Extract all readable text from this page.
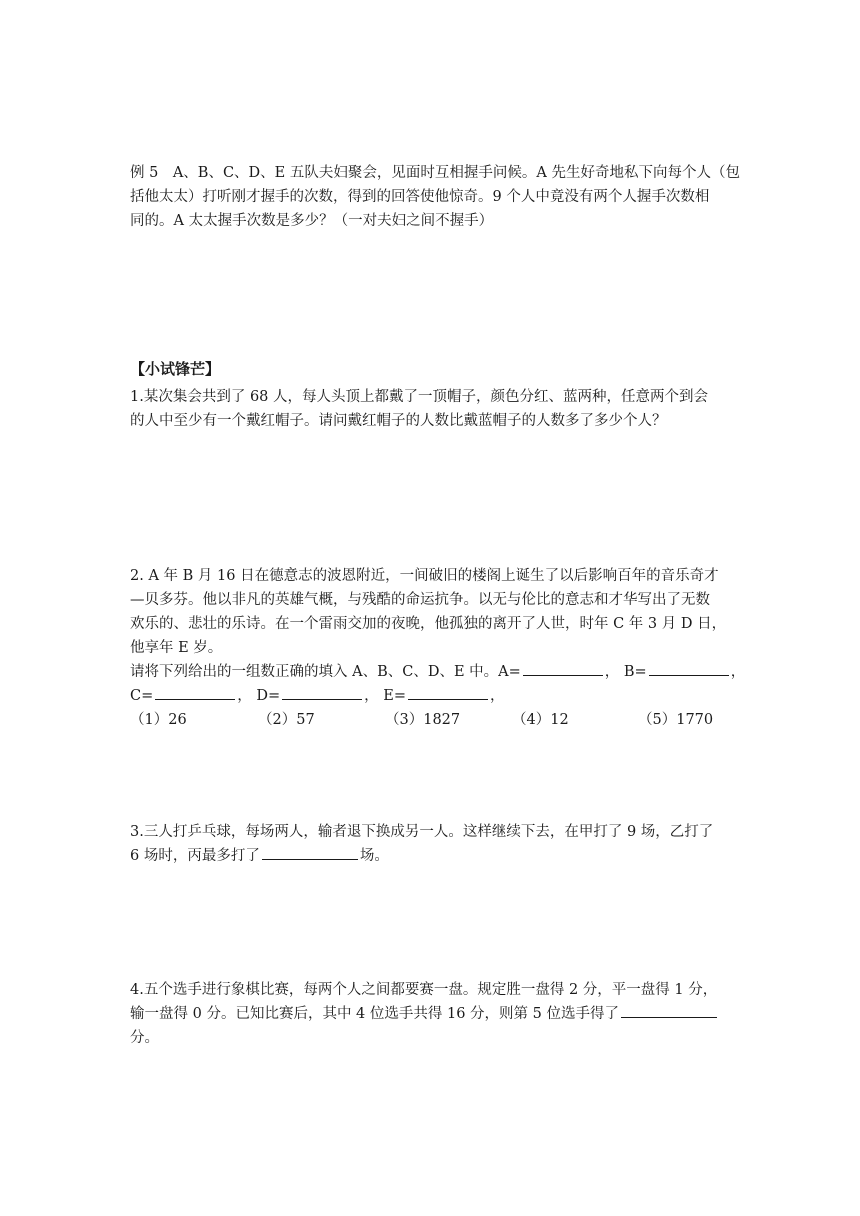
例 5　A、B、C、D、E 五队夫妇聚会，见面时互相握手问候。A 先生好奇地私下向每个人（包
括他太太）打听刚才握手的次数，得到的回答使他惊奇。9 个人中竟没有两个人握手次数相
同的。A 太太握手次数是多少？（一对夫妇之间不握手）
【小试锋芒】
1.某次集会共到了 68 人，每人头顶上都戴了一顶帽子，颜色分红、蓝两种，任意两个到会
的人中至少有一个戴红帽子。请问戴红帽子的人数比戴蓝帽子的人数多了多少个人？
2. A 年 B 月 16 日在德意志的波恩附近，一间破旧的楼阁上诞生了以后影响百年的音乐奇才
—贝多芬。他以非凡的英雄气概，与残酷的命运抗争。以无与伦比的意志和才华写出了无数
欢乐的、悲壮的乐诗。在一个雷雨交加的夜晚，他孤独的离开了人世，时年 C 年 3 月 D 日，
他享年 E 岁。
请将下列给出的一组数正确的填入 A、B、C、D、E 中。A=	， B=	，
C=	， D=	， E=	，
（1）26	（2）57	（3）1827	（4）12	（5）1770
3.三人打乒乓球，每场两人，输者退下换成另一人。这样继续下去，在甲打了 9 场，乙打了
6 场时，丙最多打了	场。
4.五个选手进行象棋比赛，每两个人之间都要赛一盘。规定胜一盘得 2 分，平一盘得 1 分，
输一盘得 0 分。已知比赛后，其中 4 位选手共得 16 分，则第 5 位选手得了
分。
